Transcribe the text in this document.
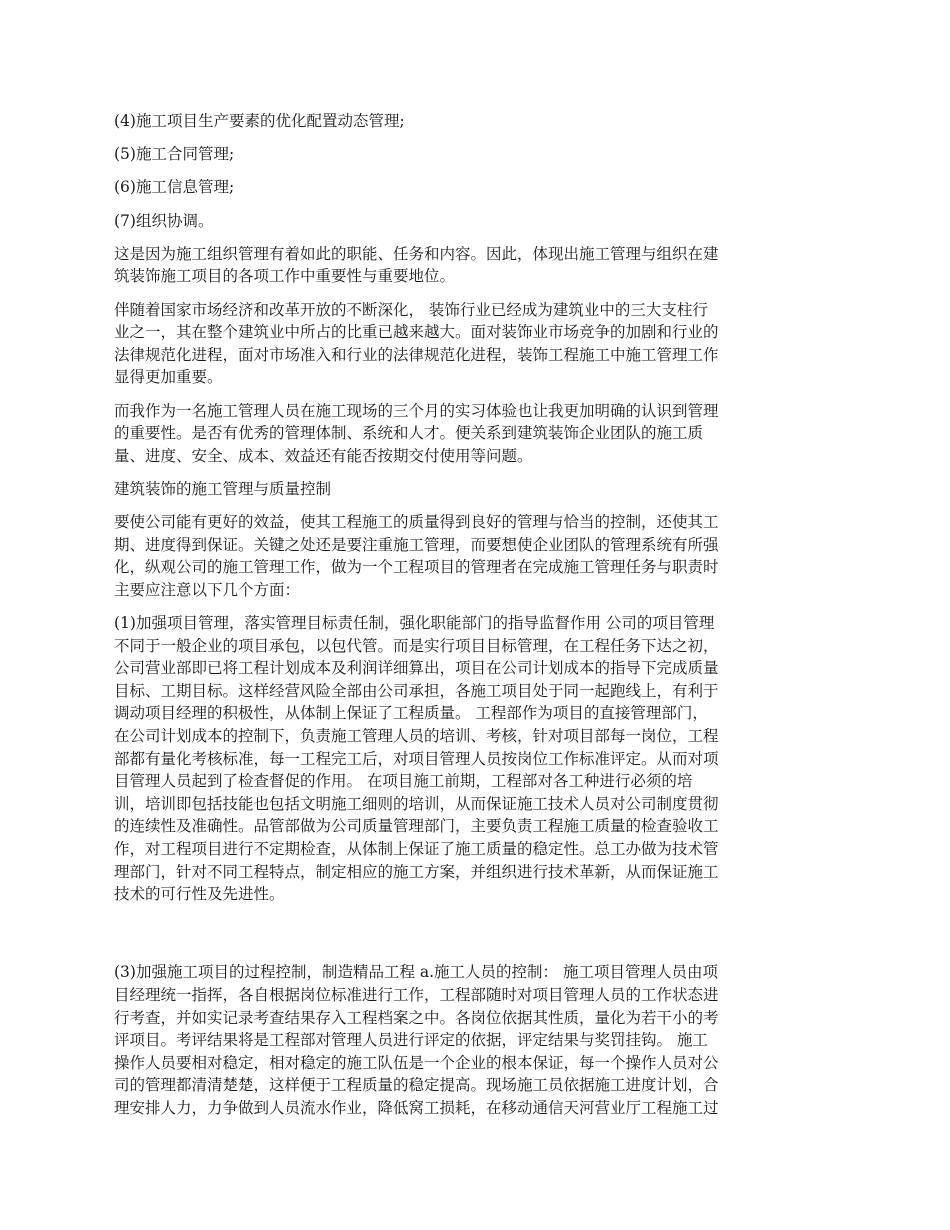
(4)施工项目生产要素的优化配置动态管理;

(5)施工合同管理;

(6)施工信息管理;

(7)组织协调。

这是因为施工组织管理有着如此的职能、任务和内容。因此，体现出施工管理与组织在建
筑装饰施工项目的各项工作中重要性与重要地位。

伴随着国家市场经济和改革开放的不断深化， 装饰行业已经成为建筑业中的三大支柱行
业之一，其在整个建筑业中所占的比重已越来越大。面对装饰业市场竞争的加剧和行业的
法律规范化进程，面对市场准入和行业的法律规范化进程，装饰工程施工中施工管理工作
显得更加重要。

而我作为一名施工管理人员在施工现场的三个月的实习体验也让我更加明确的认识到管理
的重要性。是否有优秀的管理体制、系统和人才。便关系到建筑装饰企业团队的施工质
量、进度、安全、成本、效益还有能否按期交付使用等问题。

建筑装饰的施工管理与质量控制

要使公司能有更好的效益，使其工程施工的质量得到良好的管理与恰当的控制，还使其工
期、进度得到保证。关键之处还是要注重施工管理，而要想使企业团队的管理系统有所强
化，纵观公司的施工管理工作，做为一个工程项目的管理者在完成施工管理任务与职责时
主要应注意以下几个方面：

(1)加强项目管理，落实管理目标责任制，强化职能部门的指导监督作用 公司的项目管理
不同于一般企业的项目承包，以包代管。而是实行项目目标管理，在工程任务下达之初，
公司营业部即已将工程计划成本及利润详细算出，项目在公司计划成本的指导下完成质量
目标、工期目标。这样经营风险全部由公司承担，各施工项目处于同一起跑线上，有利于
调动项目经理的积极性，从体制上保证了工程质量。 工程部作为项目的直接管理部门，
在公司计划成本的控制下，负责施工管理人员的培训、考核，针对项目部每一岗位，工程
部都有量化考核标准，每一工程完工后，对项目管理人员按岗位工作标准评定。从而对项
目管理人员起到了检查督促的作用。 在项目施工前期，工程部对各工种进行必须的培
训，培训即包括技能也包括文明施工细则的培训，从而保证施工技术人员对公司制度贯彻
的连续性及准确性。品管部做为公司质量管理部门，主要负责工程施工质量的检查验收工
作，对工程项目进行不定期检查，从体制上保证了施工质量的稳定性。总工办做为技术管
理部门，针对不同工程特点，制定相应的施工方案，并组织进行技术革新，从而保证施工
技术的可行性及先进性。

(3)加强施工项目的过程控制，制造精品工程 a.施工人员的控制： 施工项目管理人员由项
目经理统一指挥，各自根据岗位标准进行工作，工程部随时对项目管理人员的工作状态进
行考查，并如实记录考查结果存入工程档案之中。各岗位依据其性质，量化为若干小的考
评项目。考评结果将是工程部对管理人员进行评定的依据，评定结果与奖罚挂钩。 施工
操作人员要相对稳定，相对稳定的施工队伍是一个企业的根本保证，每一个操作人员对公
司的管理都清清楚楚，这样便于工程质量的稳定提高。现场施工员依据施工进度计划，合
理安排人力，力争做到人员流水作业，降低窝工损耗，在移动通信天河营业厅工程施工过
